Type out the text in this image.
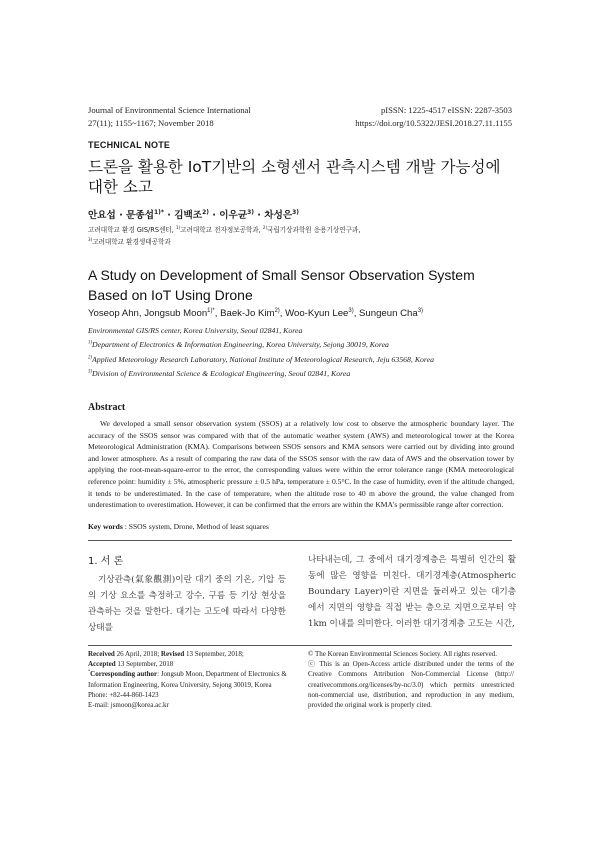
Journal of Environmental Science International
27(11); 1155~1167; November 2018
pISSN: 1225-4517 eISSN: 2287-3503
https://doi.org/10.5322/JESI.2018.27.11.1155
TECHNICAL NOTE
드론을 활용한 IoT기반의 소형센서 관측시스템 개발 가능성에 대한 소고
안요섭 · 문종섭$^{1)*}$ · 김백조$^{2)}$ · 이우균$^{3)}$ · 차성은$^{3)}$
고려대학교 환경 GIS/RS센터, $^{1)}$고려대학교 전자정보공학과, $^{2)}$국립기상과학원 응용기상연구과,
$^{3)}$고려대학교 환경생태공학과
A Study on Development of Small Sensor Observation System Based on IoT Using Drone
Yoseop Ahn, Jongsub Moon$^{1)*}$, Baek-Jo Kim$^{2)}$, Woo-Kyun Lee$^{3)}$, Sungeun Cha$^{3)}$
Environmental GIS/RS center, Korea University, Seoul 02841, Korea
$^{1)}$Department of Electronics & Information Engineering, Korea University, Sejong 30019, Korea
$^{2)}$Applied Meteorology Research Laboratory, National Institute of Meteorological Research, Jeju 63568, Korea
$^{3)}$Division of Environmental Science & Ecological Engineering, Seoul 02841, Korea
Abstract
We developed a small sensor observation system (SSOS) at a relatively low cost to observe the atmospheric boundary layer. The accuracy of the SSOS sensor was compared with that of the automatic weather system (AWS) and meteorological tower at the Korea Meteorological Administration (KMA). Comparisons between SSOS sensors and KMA sensors were carried out by dividing into ground and lower atmosphere. As a result of comparing the raw data of the SSOS sensor with the raw data of AWS and the observation tower by applying the root-mean-square-error to the error, the corresponding values were within the error tolerance range (KMA meteorological reference point: humidity ± 5%, atmospheric pressure ± 0.5 hPa, temperature ± 0.5°C. In the case of humidity, even if the altitude changed, it tends to be underestimated. In the case of temperature, when the altitude rose to 40 m above the ground, the value changed from underestimation to overestimation. However, it can be confirmed that the errors are within the KMA's permissible range after correction.
Key words : SSOS system, Drone, Method of least squares
1. 서 론
기상관측(氣象觀測)이란 대기 중의 기온, 기압 등의 기상 요소를 측정하고 강수, 구름 등 기상 현상을 관측하는 것을 말한다. 대기는 고도에 따라서 다양한 상태를
나타내는데, 그 중에서 대기경계층은 특별히 인간의 활동에 많은 영향을 미친다. 대기경계층(Atmospheric Boundary Layer)이란 지면을 둘러싸고 있는 대기층에서 지면의 영향을 직접 받는 층으로 지면으로부터 약 1km 이내를 의미한다. 이러한 대기경계층 고도는 시간,
Received 26 April, 2018; Revised 13 September, 2018;
Accepted 13 September, 2018
*Corresponding author: Jongsub Moon, Department of Electronics & Information Engineering, Korea University, Sejong 30019, Korea
Phone: +82-44-860-1423
E-mail: jsmoon@korea.ac.kr
© The Korean Environmental Sciences Society. All rights reserved.
ⓒ This is an Open-Access article distributed under the terms of the Creative Commons Attribution Non-Commercial License (http:// creativecommons.org/licenses/by-nc/3.0) which permits unrestricted non-commercial use, distribution, and reproduction in any medium, provided the original work is properly cited.
